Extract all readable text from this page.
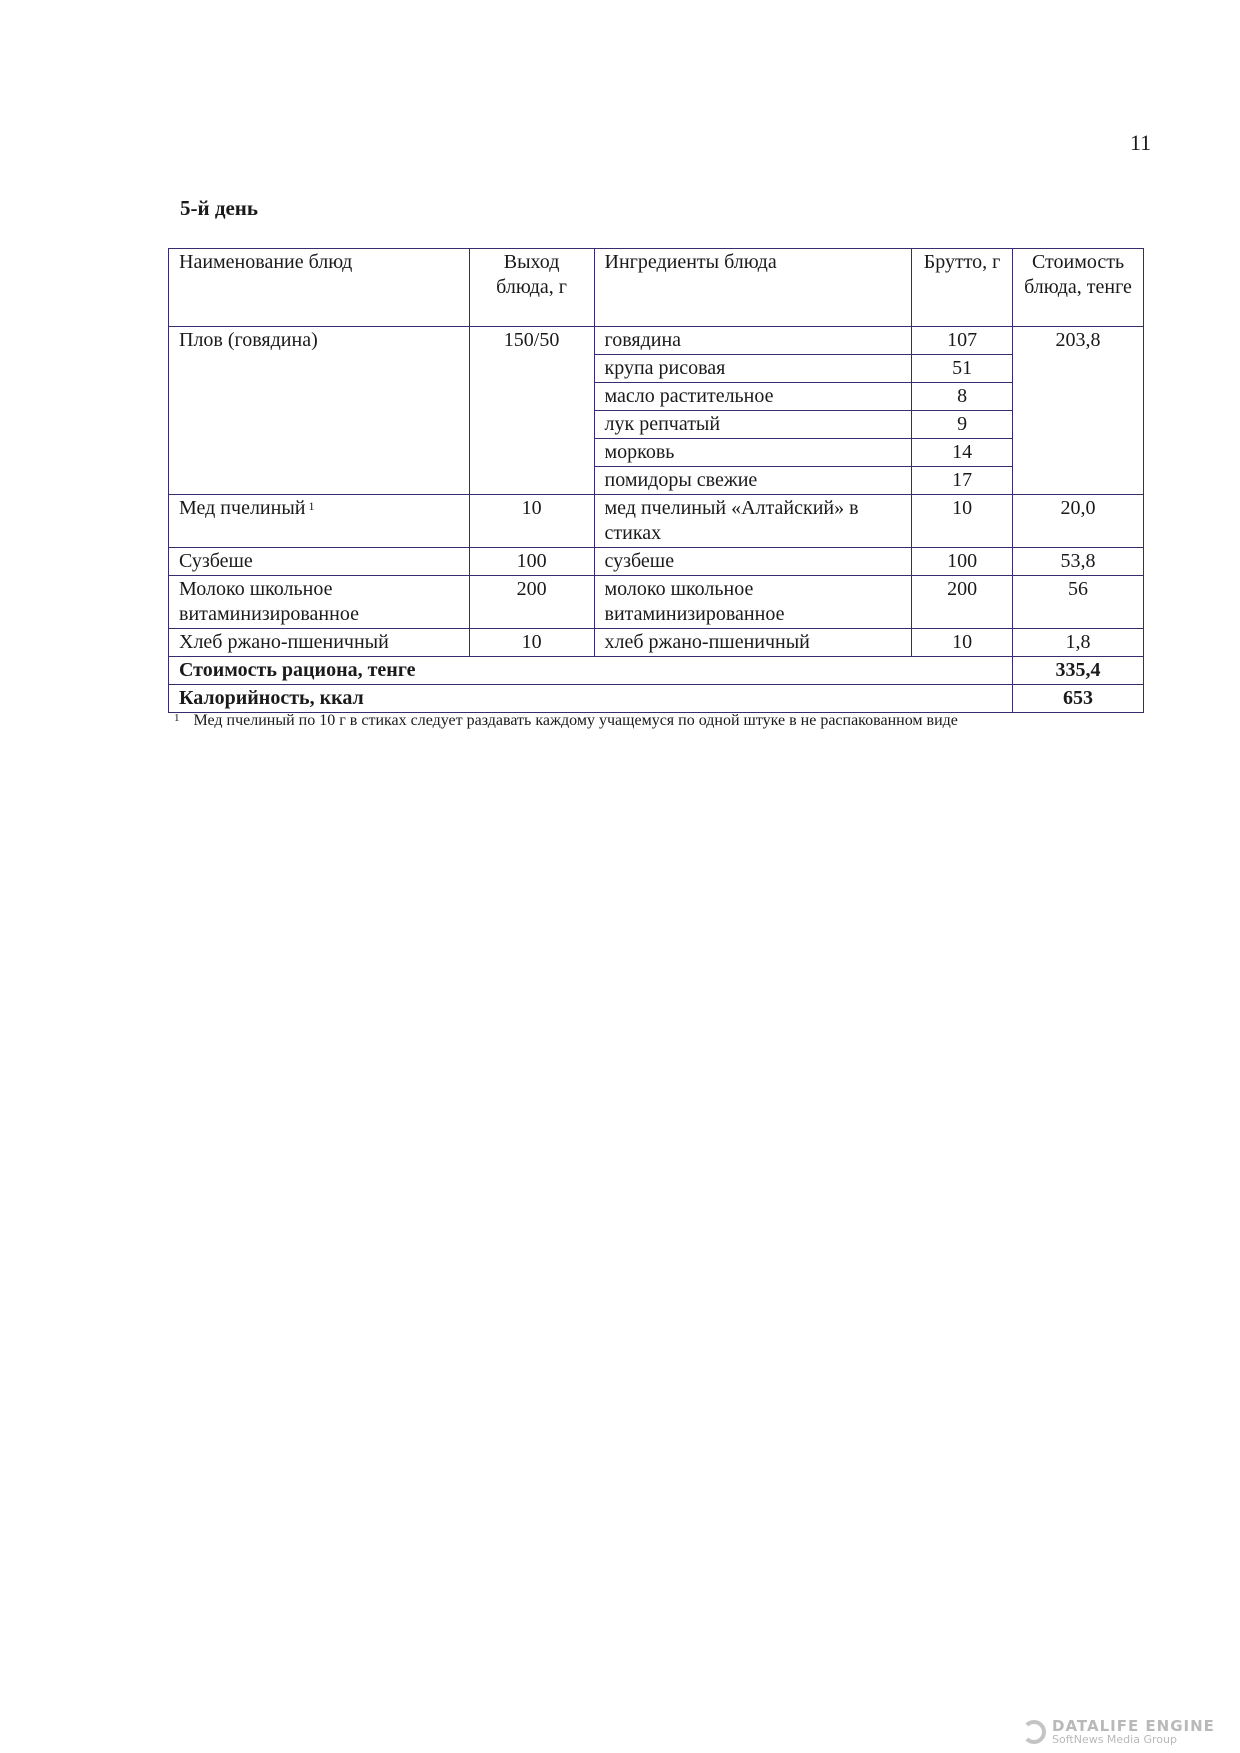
11
5-й день
Наименование блюд	Выход блюда, г	Ингредиенты блюда	Брутто, г	Стоимость блюда, тенге
Плов (говядина)	150/50	говядина	107	203,8
		крупа рисовая	51	
		масло растительное	8	
		лук репчатый	9	
		морковь	14	
		помидоры свежие	17	
Мед пчелиный $^1$	10	мед пчелиный «Алтайский» в стиках	10	20,0
Сузбеше	100	сузбеше	100	53,8
Молоко школьное витаминизированное	200	молоко школьное витаминизированное	200	56
Хлеб ржано-пшеничный	10	хлеб ржано-пшеничный	10	1,8
Стоимость рациона, тенге				335,4
Калорийность, ккал				653
$^1$ Мед пчелиный по 10 г в стиках следует раздавать каждому учащемуся по одной штуке в не распакованном виде
DATALIFE ENGINE
SoftNews Media Group
